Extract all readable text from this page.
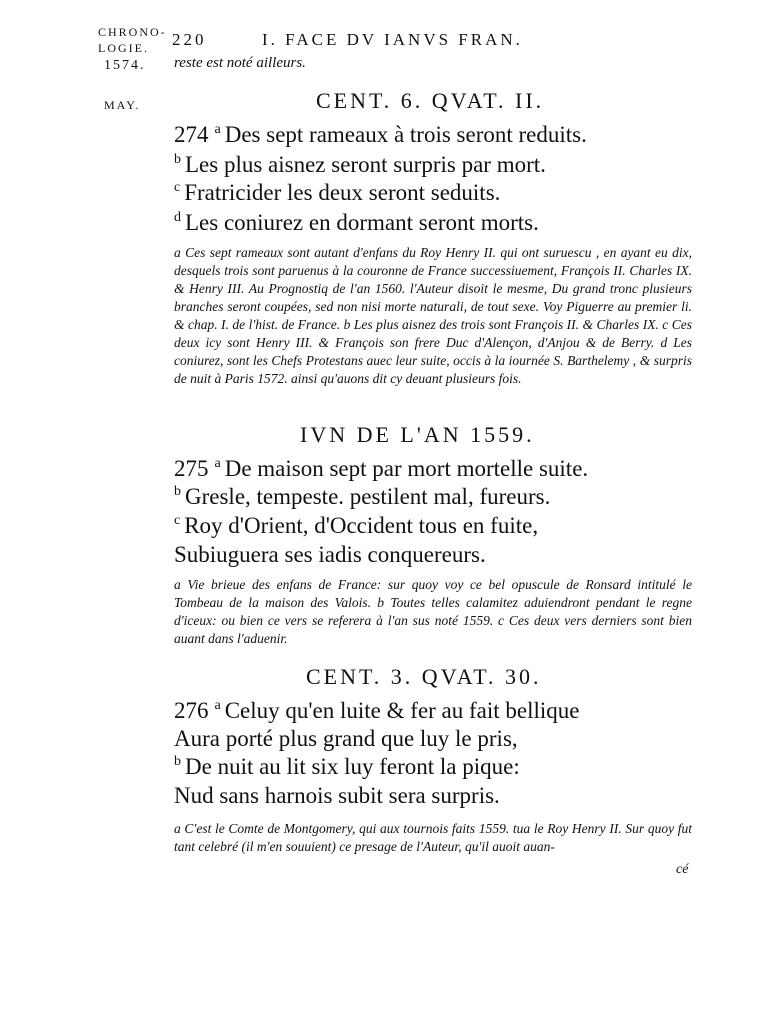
CHRONO- LOGIE.
1574.
MAY.
220	I. FACE DV IANVS FRAN.
reste est noté ailleurs.
CENT. 6. QVAT. II.
274 $^a$ Des sept rameaux à trois seront reduits.
$^b$ Les plus aisnez seront surpris par mort.
$^c$ Fratricider les deux seront seduits.
$^d$ Les coniurez en dormant seront morts.

a Ces sept rameaux sont autant d'enfans du Roy Henry II. qui ont suruescu , en ayant eu dix, desquels trois sont paruenus à la couronne de France successiuement, François II. Charles IX. & Henry III. Au Prognostiq de l'an 1560. l'Auteur disoit le mesme, Du grand tronc plusieurs branches seront coupées, sed non nisi morte naturali, de tout sexe. Voy Piguerre au premier li. & chap. I. de l'hist. de France. b Les plus aisnez des trois sont François II. & Charles IX. c Ces deux icy sont Henry III. & François son frere Duc d'Alençon, d'Anjou & de Berry. d Les coniurez, sont les Chefs Protestans auec leur suite, occis à la iournée S. Barthelemy , & surpris de nuit à Paris 1572. ainsi qu'auons dit cy deuant plusieurs fois.

IVN DE L'AN 1559.
275 $^a$ De maison sept par mort mortelle suite.
$^b$ Gresle, tempeste. pestilent mal, fureurs.
$^c$ Roy d'Orient, d'Occident tous en fuite,
Subiuguera ses iadis conquereurs.

a Vie brieue des enfans de France: sur quoy voy ce bel opuscule de Ronsard intitulé le Tombeau de la maison des Valois. b Toutes telles calamitez aduiendront pendant le regne d'iceux: ou bien ce vers se referera à l'an sus noté 1559. c Ces deux vers derniers sont bien auant dans l'aduenir.

CENT. 3. QVAT. 30.
276 $^a$ Celuy qu'en luite & fer au fait bellique
Aura porté plus grand que luy le pris,
$^b$ De nuit au lit six luy feront la pique:
Nud sans harnois subit sera surpris.

a C'est le Comte de Montgomery, qui aux tournois faits 1559. tua le Roy Henry II. Sur quoy fut tant celebré (il m'en souuient) ce presage de l'Auteur, qu'il auoit auan-

cé
